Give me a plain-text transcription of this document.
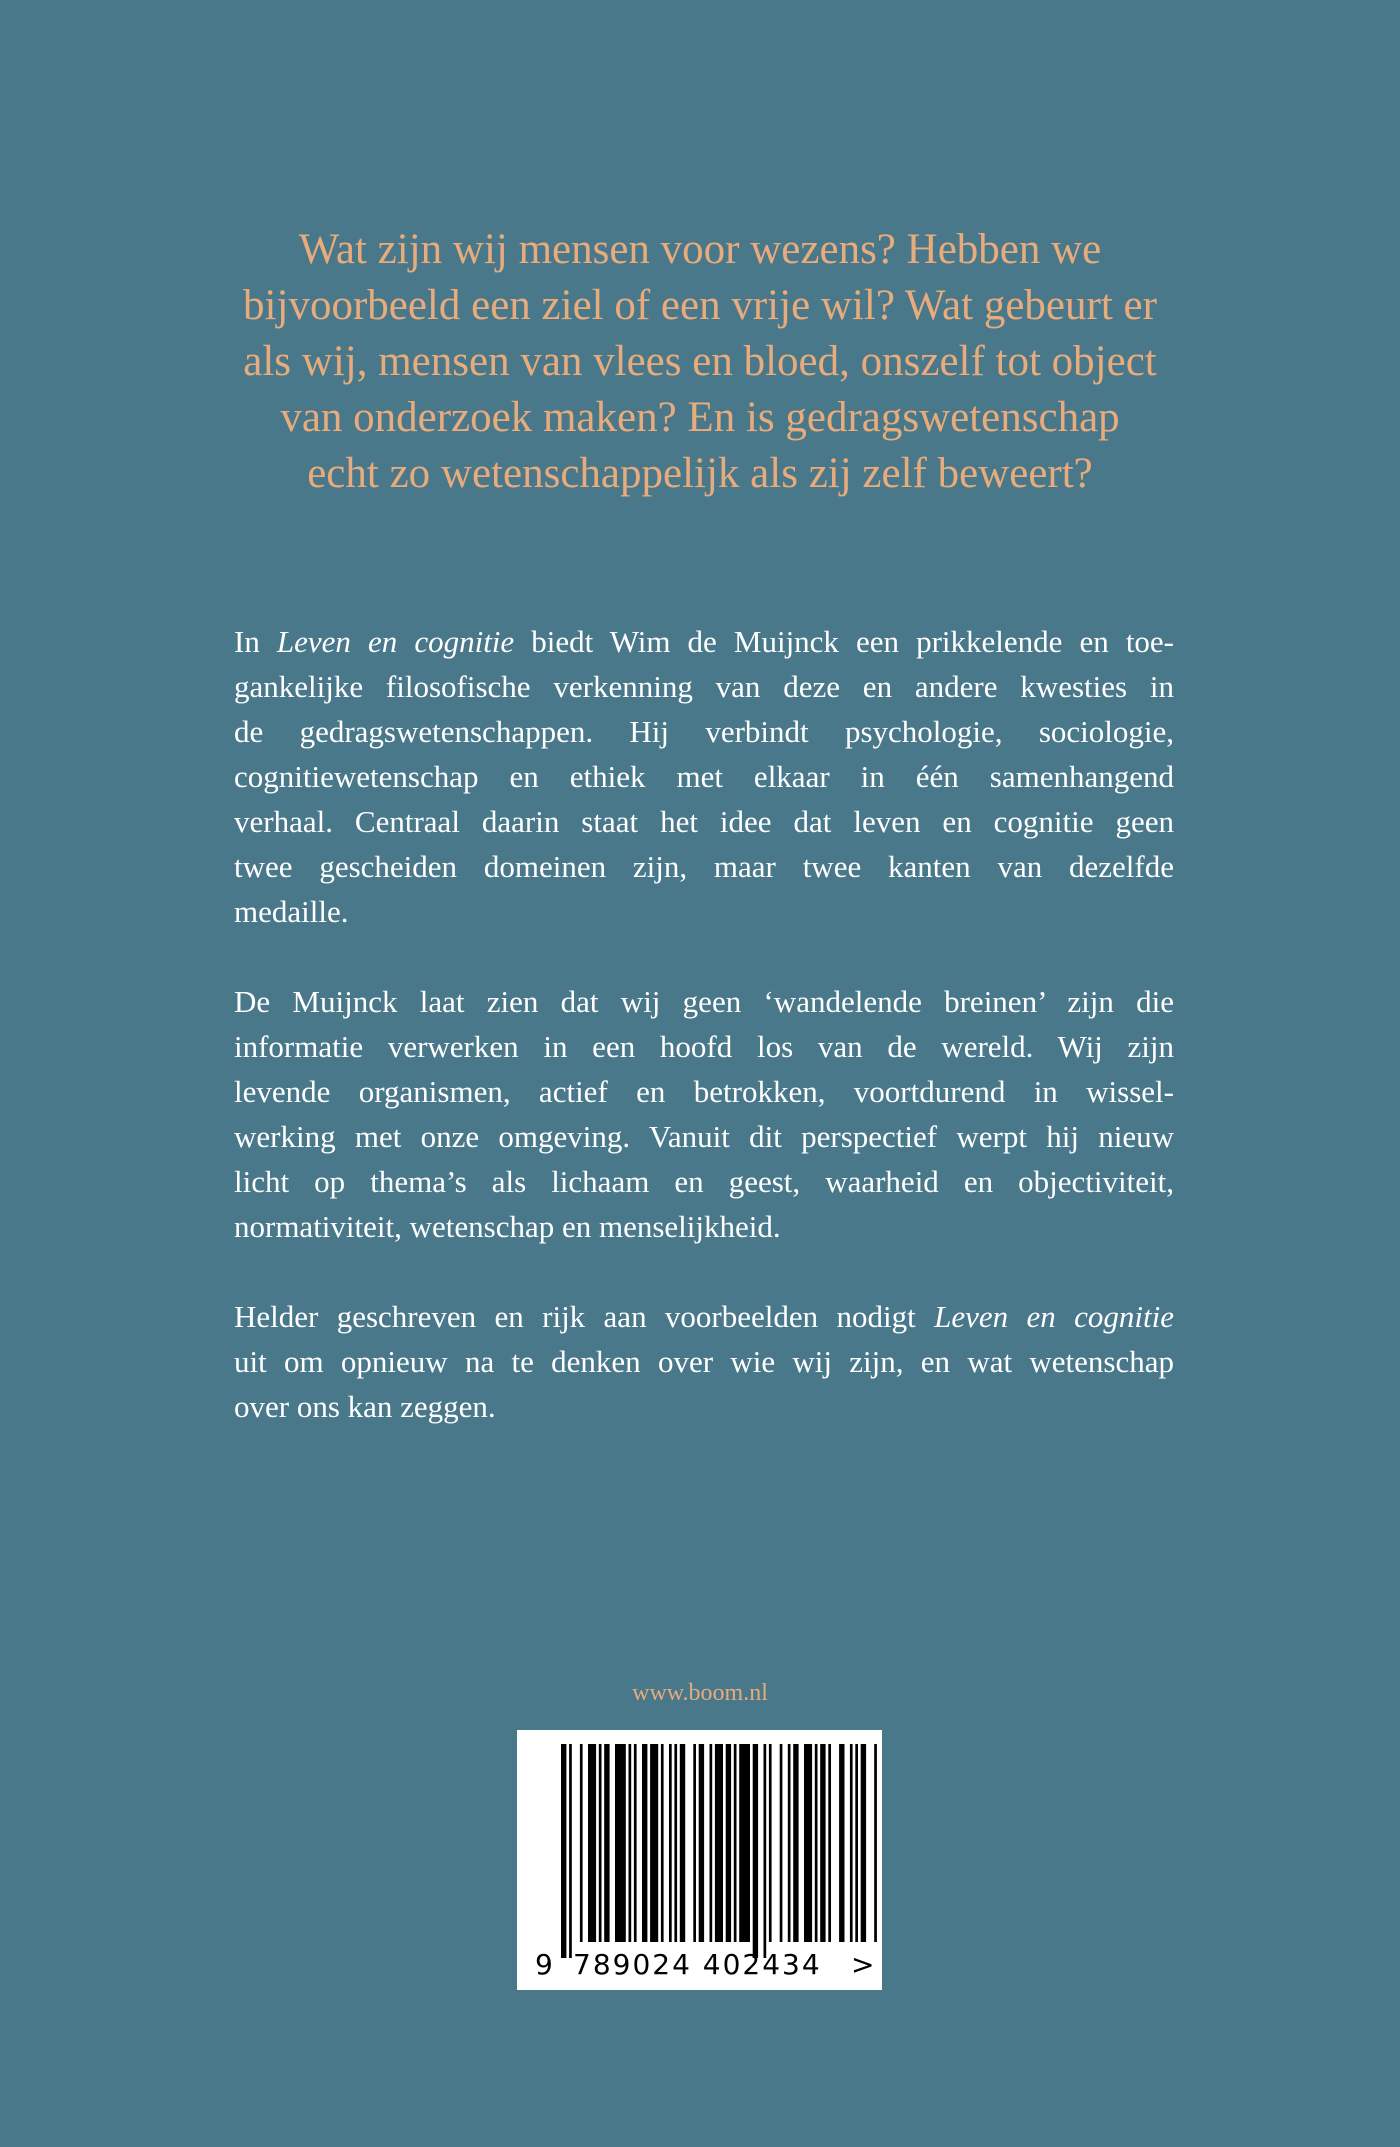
Wat zijn wij mensen voor wezens? Hebben we
bijvoorbeeld een ziel of een vrije wil? Wat gebeurt er
als wij, mensen van vlees en bloed, onszelf tot object
van onderzoek maken? En is gedragswetenschap
echt zo wetenschappelijk als zij zelf beweert?
In Leven en cognitie biedt Wim de Muijnck een prikkelende en toe-
gankelijke filosofische verkenning van deze en andere kwesties in
de gedragswetenschappen. Hij verbindt psychologie, sociologie,
cognitiewetenschap en ethiek met elkaar in één samenhangend
verhaal. Centraal daarin staat het idee dat leven en cognitie geen
twee gescheiden domeinen zijn, maar twee kanten van dezelfde
medaille.
De Muijnck laat zien dat wij geen ‘wandelende breinen’ zijn die
informatie verwerken in een hoofd los van de wereld. Wij zijn
levende organismen, actief en betrokken, voortdurend in wissel-
werking met onze omgeving. Vanuit dit perspectief werpt hij nieuw
licht op thema’s als lichaam en geest, waarheid en objectiviteit,
normativiteit, wetenschap en menselijkheid.
Helder geschreven en rijk aan voorbeelden nodigt Leven en cognitie
uit om opnieuw na te denken over wie wij zijn, en wat wetenschap
over ons kan zeggen.
www.boom.nl
9 789024 402434 >
